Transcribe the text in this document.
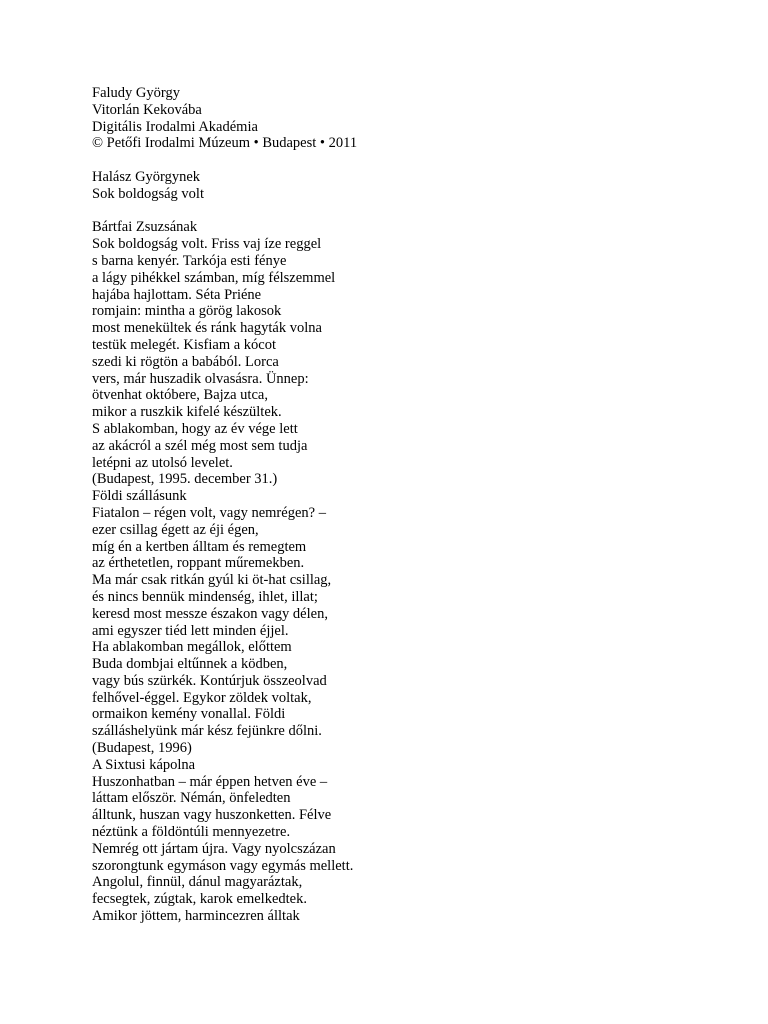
Faludy György
Vitorlán Kekovába
Digitális Irodalmi Akadémia
© Petőfi Irodalmi Múzeum • Budapest • 2011
Halász Györgynek
Sok boldogság volt
Bártfai Zsuzsának
Sok boldogság volt. Friss vaj íze reggel
s barna kenyér. Tarkója esti fénye
a lágy pihékkel számban, míg félszemmel
hajába hajlottam. Séta Priéne
romjain: mintha a görög lakosok
most menekültek és ránk hagyták volna
testük melegét. Kisfiam a kócot
szedi ki rögtön a babából. Lorca
vers, már huszadik olvasásra. Ünnep:
ötvenhat októbere, Bajza utca,
mikor a ruszkik kifelé készültek.
S ablakomban, hogy az év vége lett
az akácról a szél még most sem tudja
letépni az utolsó levelet.
(Budapest, 1995. december 31.)
Földi szállásunk
Fiatalon – régen volt, vagy nemrégen? –
ezer csillag égett az éji égen,
míg én a kertben álltam és remegtem
az érthetetlen, roppant műremekben.
Ma már csak ritkán gyúl ki öt-hat csillag,
és nincs bennük mindenség, ihlet, illat;
keresd most messze északon vagy délen,
ami egyszer tiéd lett minden éjjel.
Ha ablakomban megállok, előttem
Buda dombjai eltűnnek a ködben,
vagy bús szürkék. Kontúrjuk összeolvad
felhővel-éggel. Egykor zöldek voltak,
ormaikon kemény vonallal. Földi
szálláshelyünk már kész fejünkre dőlni.
(Budapest, 1996)
A Sixtusi kápolna
Huszonhatban – már éppen hetven éve –
láttam először. Némán, önfeledten
álltunk, huszan vagy huszonketten. Félve
néztünk a földöntúli mennyezetre.
Nemrég ott jártam újra. Vagy nyolcszázan
szorongtunk egymáson vagy egymás mellett.
Angolul, finnül, dánul magyaráztak,
fecsegtek, zúgtak, karok emelkedtek.
Amikor jöttem, harmincezren álltak
